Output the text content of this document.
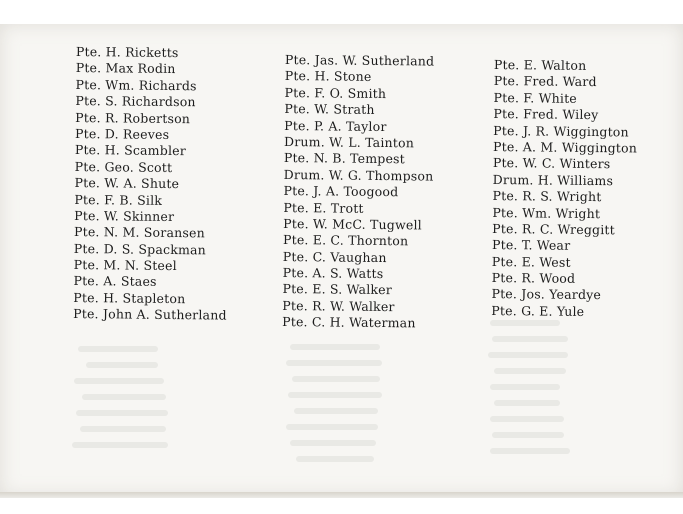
Pte. H. Ricketts
Pte. Max Rodin
Pte. Wm. Richards
Pte. S. Richardson
Pte. R. Robertson
Pte. D. Reeves
Pte. H. Scambler
Pte. Geo. Scott
Pte. W. A. Shute
Pte. F. B. Silk
Pte. W. Skinner
Pte. N. M. Soransen
Pte. D. S. Spackman
Pte. M. N. Steel
Pte. A. Staes
Pte. H. Stapleton
Pte. John A. Sutherland
Pte. Jas. W. Sutherland
Pte. H. Stone
Pte. F. O. Smith
Pte. W. Strath
Pte. P. A. Taylor
Drum. W. L. Tainton
Pte. N. B. Tempest
Drum. W. G. Thompson
Pte. J. A. Toogood
Pte. E. Trott
Pte. W. McC. Tugwell
Pte. E. C. Thornton
Pte. C. Vaughan
Pte. A. S. Watts
Pte. E. S. Walker
Pte. R. W. Walker
Pte. C. H. Waterman
Pte. E. Walton
Pte. Fred. Ward
Pte. F. White
Pte. Fred. Wiley
Pte. J. R. Wiggington
Pte. A. M. Wiggington
Pte. W. C. Winters
Drum. H. Williams
Pte. R. S. Wright
Pte. Wm. Wright
Pte. R. C. Wreggitt
Pte. T. Wear
Pte. E. West
Pte. R. Wood
Pte. Jos. Yeardye
Pte. G. E. Yule
